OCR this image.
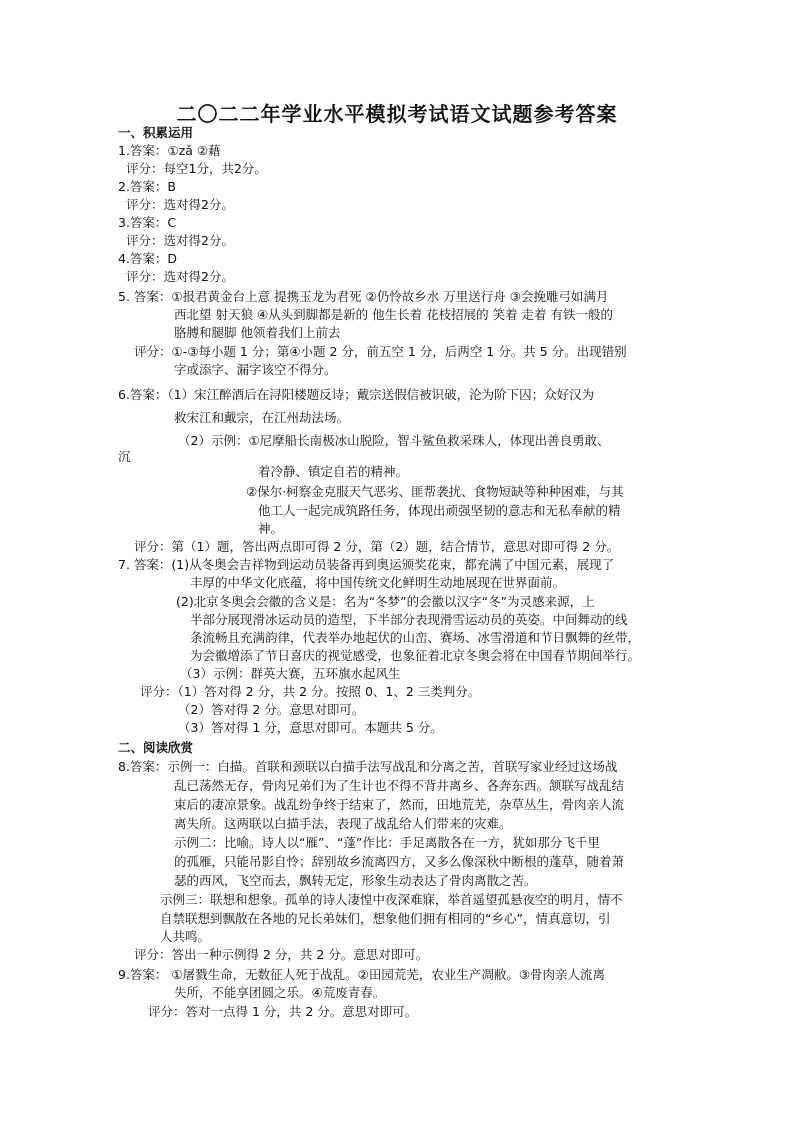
二〇二二年学业水平模拟考试语文试题参考答案
一、积累运用
1.答案：①zǎ ②藉
评分：每空1分，共2分。
2.答案：B
评分：选对得2分。
3.答案：C
评分：选对得2分。
4.答案：D
评分：选对得2分。
5. 答案：①报君黄金台上意 提携玉龙为君死 ②仍怜故乡水 万里送行舟 ③会挽雕弓如满月
西北望 射天狼 ④从头到脚都是新的 他生长着 花枝招展的 笑着 走着 有铁一般的
胳膊和腿脚 他领着我们上前去
评分：①-③每小题 1 分；第④小题 2 分，前五空 1 分，后两空 1 分。共 5 分。出现错别
字或添字、漏字该空不得分。
6.答案：（1）宋江醉酒后在浔阳楼题反诗；戴宗送假信被识破，沦为阶下囚；众好汉为
救宋江和戴宗，在江州劫法场。
（2）示例：①尼摩船长南极冰山脱险，智斗鲨鱼救采珠人，体现出善良勇敢、
沉
着冷静、镇定自若的精神。
②保尔·柯察金克服天气恶劣、匪帮袭扰、食物短缺等种种困难，与其
他工人一起完成筑路任务，体现出顽强坚韧的意志和无私奉献的精
神。
评分：第（1）题，答出两点即可得 2 分，第（2）题，结合情节，意思对即可得 2 分。
7. 答案：(1)从冬奥会吉祥物到运动员装备再到奥运颁奖花束，都充满了中国元素，展现了
丰厚的中华文化底蕴，将中国传统文化鲜明生动地展现在世界面前。
(2)北京冬奥会会徽的含义是：名为“冬梦”的会徽以汉字“冬”为灵感来源，上
半部分展现滑冰运动员的造型，下半部分表现滑雪运动员的英姿。中间舞动的线
条流畅且充满韵律，代表举办地起伏的山峦、赛场、冰雪滑道和节日飘舞的丝带，
为会徽增添了节日喜庆的视觉感受，也象征着北京冬奥会将在中国春节期间举行。
（3）示例：群英大赛，五环旗水起风生
评分：（1）答对得 2 分，共 2 分。按照 0、1、2 三类判分。
（2）答对得 2 分。意思对即可。
（3）答对得 1 分，意思对即可。本题共 5 分。
二、阅读欣赏
8.答案：示例一：白描。首联和颈联以白描手法写战乱和分离之苦，首联写家业经过这场战
乱已荡然无存，骨肉兄弟们为了生计也不得不背井离乡、各奔东西。颔联写战乱结
束后的凄凉景象。战乱纷争终于结束了，然而，田地荒芜，杂草丛生，骨肉亲人流
离失所。这两联以白描手法，表现了战乱给人们带来的灾难。
示例二：比喻。诗人以“雁”、“蓬”作比：手足离散各在一方，犹如那分飞千里
的孤雁，只能吊影自怜；辞别故乡流离四方，又多么像深秋中断根的蓬草，随着萧
瑟的西风，飞空而去，飘转无定，形象生动表达了骨肉离散之苦。
示例三：联想和想象。孤单的诗人凄惶中夜深难寐，举首遥望孤悬夜空的明月，情不
自禁联想到飘散在各地的兄长弟妹们，想象他们拥有相同的“乡心”，情真意切，引
人共鸣。
评分：答出一种示例得 2 分，共 2 分。意思对即可。
9.答案： ①屠戮生命，无数征人死于战乱。②田园荒芜，农业生产凋敝。③骨肉亲人流离
失所，不能享团圆之乐。④荒废青春。
评分：答对一点得 1 分，共 2 分。意思对即可。
